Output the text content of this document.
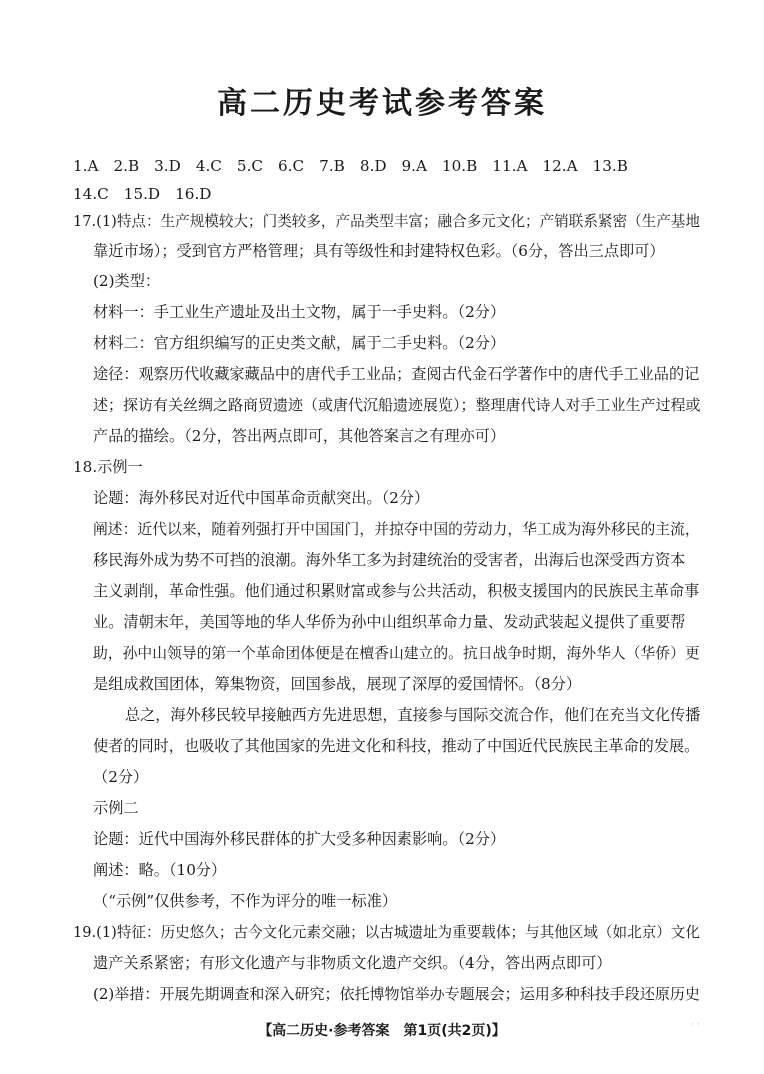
高二历史考试参考答案
1.A 2.B 3.D 4.C 5.C 6.C 7.B 8.D 9.A 10.B 11.A 12.A 13.B14.C 15.D 16.D
17.(1)特点：生产规模较大；门类较多，产品类型丰富；融合多元文化；产销联系紧密（生产基地
靠近市场）；受到官方严格管理；具有等级性和封建特权色彩。（6分，答出三点即可）
(2)类型：
材料一：手工业生产遗址及出土文物，属于一手史料。（2分）
材料二：官方组织编写的正史类文献，属于二手史料。（2分）
途径：观察历代收藏家藏品中的唐代手工业品；查阅古代金石学著作中的唐代手工业品的记
述；探访有关丝绸之路商贸遗迹（或唐代沉船遗迹展览）；整理唐代诗人对手工业生产过程或
产品的描绘。（2分，答出两点即可，其他答案言之有理亦可）
18.示例一
论题：海外移民对近代中国革命贡献突出。（2分）
阐述：近代以来，随着列强打开中国国门，并掠夺中国的劳动力，华工成为海外移民的主流，
移民海外成为势不可挡的浪潮。海外华工多为封建统治的受害者，出海后也深受西方资本
主义剥削，革命性强。他们通过积累财富或参与公共活动，积极支援国内的民族民主革命事
业。清朝末年，美国等地的华人华侨为孙中山组织革命力量、发动武装起义提供了重要帮
助，孙中山领导的第一个革命团体便是在檀香山建立的。抗日战争时期，海外华人（华侨）更
是组成救国团体，筹集物资，回国参战，展现了深厚的爱国情怀。（8分）
总之，海外移民较早接触西方先进思想，直接参与国际交流合作，他们在充当文化传播
使者的同时，也吸收了其他国家的先进文化和科技，推动了中国近代民族民主革命的发展。
（2分）
示例二
论题：近代中国海外移民群体的扩大受多种因素影响。（2分）
阐述：略。（10分）
（“示例”仅供参考，不作为评分的唯一标准）
19.(1)特征：历史悠久；古今文化元素交融；以古城遗址为重要载体；与其他区域（如北京）文化
遗产关系紧密；有形文化遗产与非物质文化遗产交织。（4分，答出两点即可）
(2)举措：开展先期调查和深入研究；依托博物馆举办专题展会；运用多种科技手段还原历史
【高二历史·参考答案　第1页(共2页)】	· ·
